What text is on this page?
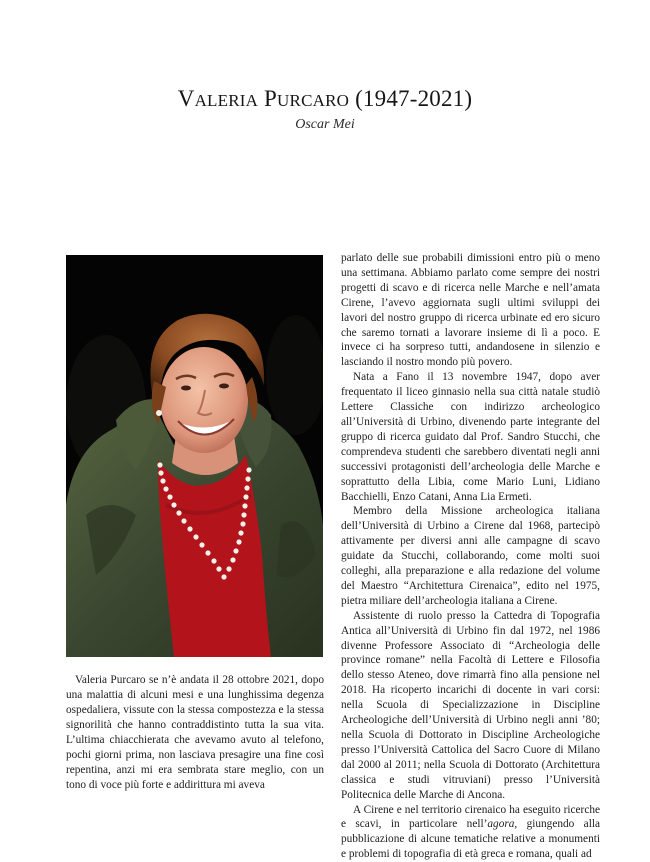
VALERIA PURCARO (1947-2021)
Oscar Mei

Valeria Purcaro se n’è andata il 28 ottobre 2021, dopo una malattia di alcuni mesi e una lunghissima degenza ospedaliera, vissute con la stessa compostezza e la stessa signorilità che hanno contraddistinto tutta la sua vita. L’ultima chiacchierata che avevamo avuto al telefono, pochi giorni prima, non lasciava presagire una fine così repentina, anzi mi era sembrata stare meglio, con un tono di voce più forte e addirittura mi aveva

parlato delle sue probabili dimissioni entro più o meno una settimana. Abbiamo parlato come sempre dei nostri progetti di scavo e di ricerca nelle Marche e nell’amata Cirene, l’avevo aggiornata sugli ultimi sviluppi dei lavori del nostro gruppo di ricerca urbinate ed ero sicuro che saremo tornati a lavorare insieme di lì a poco. E invece ci ha sorpreso tutti, andandosene in silenzio e lasciando il nostro mondo più povero.

Nata a Fano il 13 novembre 1947, dopo aver frequentato il liceo ginnasio nella sua città natale studiò Lettere Classiche con indirizzo archeologico all’Università di Urbino, divenendo parte integrante del gruppo di ricerca guidato dal Prof. Sandro Stucchi, che comprendeva studenti che sarebbero diventati negli anni successivi protagonisti dell’archeologia delle Marche e soprattutto della Libia, come Mario Luni, Lidiano Bacchielli, Enzo Catani, Anna Lia Ermeti.

Membro della Missione archeologica italiana dell’Università di Urbino a Cirene dal 1968, partecipò attivamente per diversi anni alle campagne di scavo guidate da Stucchi, collaborando, come molti suoi colleghi, alla preparazione e alla redazione del volume del Maestro “Architettura Cirenaica”, edito nel 1975, pietra miliare dell’archeologia italiana a Cirene.

Assistente di ruolo presso la Cattedra di Topografia Antica all’Università di Urbino fin dal 1972, nel 1986 divenne Professore Associato di “Archeologia delle province romane” nella Facoltà di Lettere e Filosofia dello stesso Ateneo, dove rimarrà fino alla pensione nel 2018. Ha ricoperto incarichi di docente in vari corsi: nella Scuola di Specializzazione in Discipline Archeologiche dell’Università di Urbino negli anni ’80; nella Scuola di Dottorato in Discipline Archeologiche presso l’Università Cattolica del Sacro Cuore di Milano dal 2000 al 2011; nella Scuola di Dottorato (Architettura classica e studi vitruviani) presso l’Università Politecnica delle Marche di Ancona.

A Cirene e nel territorio cirenaico ha eseguito ricerche e scavi, in particolare nell’agora, giungendo alla pubblicazione di alcune tematiche relative a monumenti e problemi di topografia di età greca e romana, quali ad
